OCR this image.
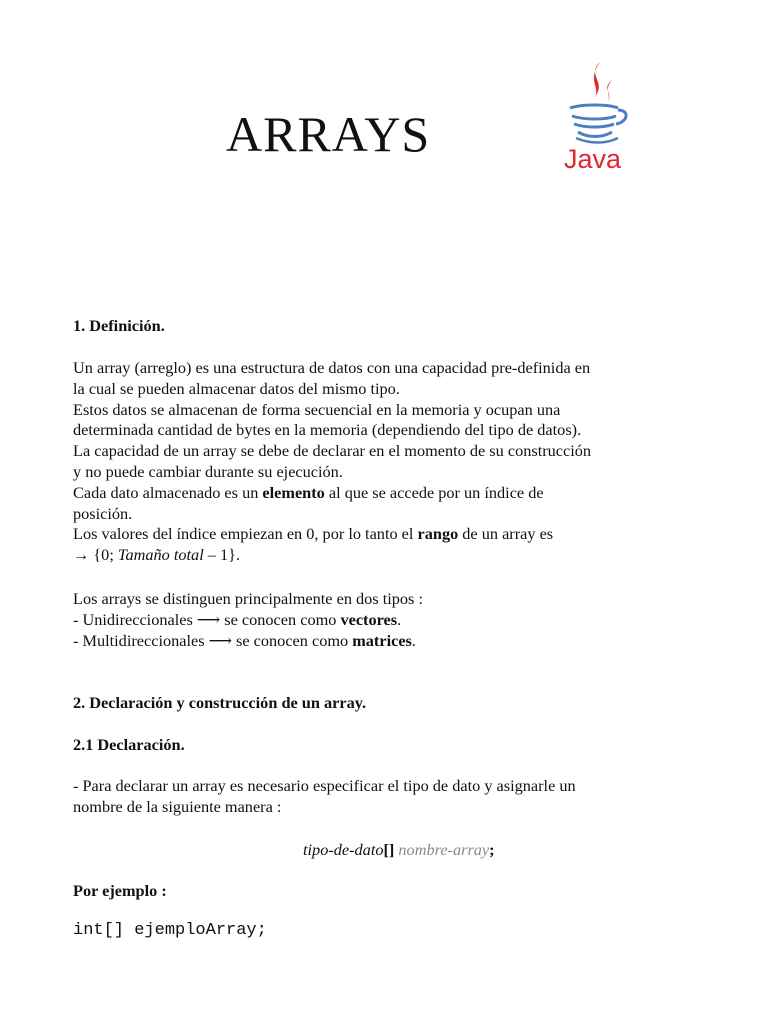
ARRAYS	Java
1. Definición.
Un array (arreglo) es una estructura de datos con una capacidad pre-definida en
la cual se pueden almacenar datos del mismo tipo.
Estos datos se almacenan de forma secuencial en la memoria y ocupan una
determinada cantidad de bytes en la memoria (dependiendo del tipo de datos).
La capacidad de un array se debe de declarar en el momento de su construcción
y no puede cambiar durante su ejecución.
Cada dato almacenado es un elemento al que se accede por un índice de
posición.
Los valores del índice empiezan en 0, por lo tanto el rango de un array es
→ {0; Tamaño total – 1}.
Los arrays se distinguen principalmente en dos tipos :
- Unidireccionales ⟶ se conocen como vectores.
- Multidireccionales ⟶ se conocen como matrices.
2. Declaración y construcción de un array.
2.1 Declaración.
- Para declarar un array es necesario especificar el tipo de dato y asignarle un
nombre de la siguiente manera :
tipo-de-dato[] nombre-array;
Por ejemplo :
int[] ejemploArray;
